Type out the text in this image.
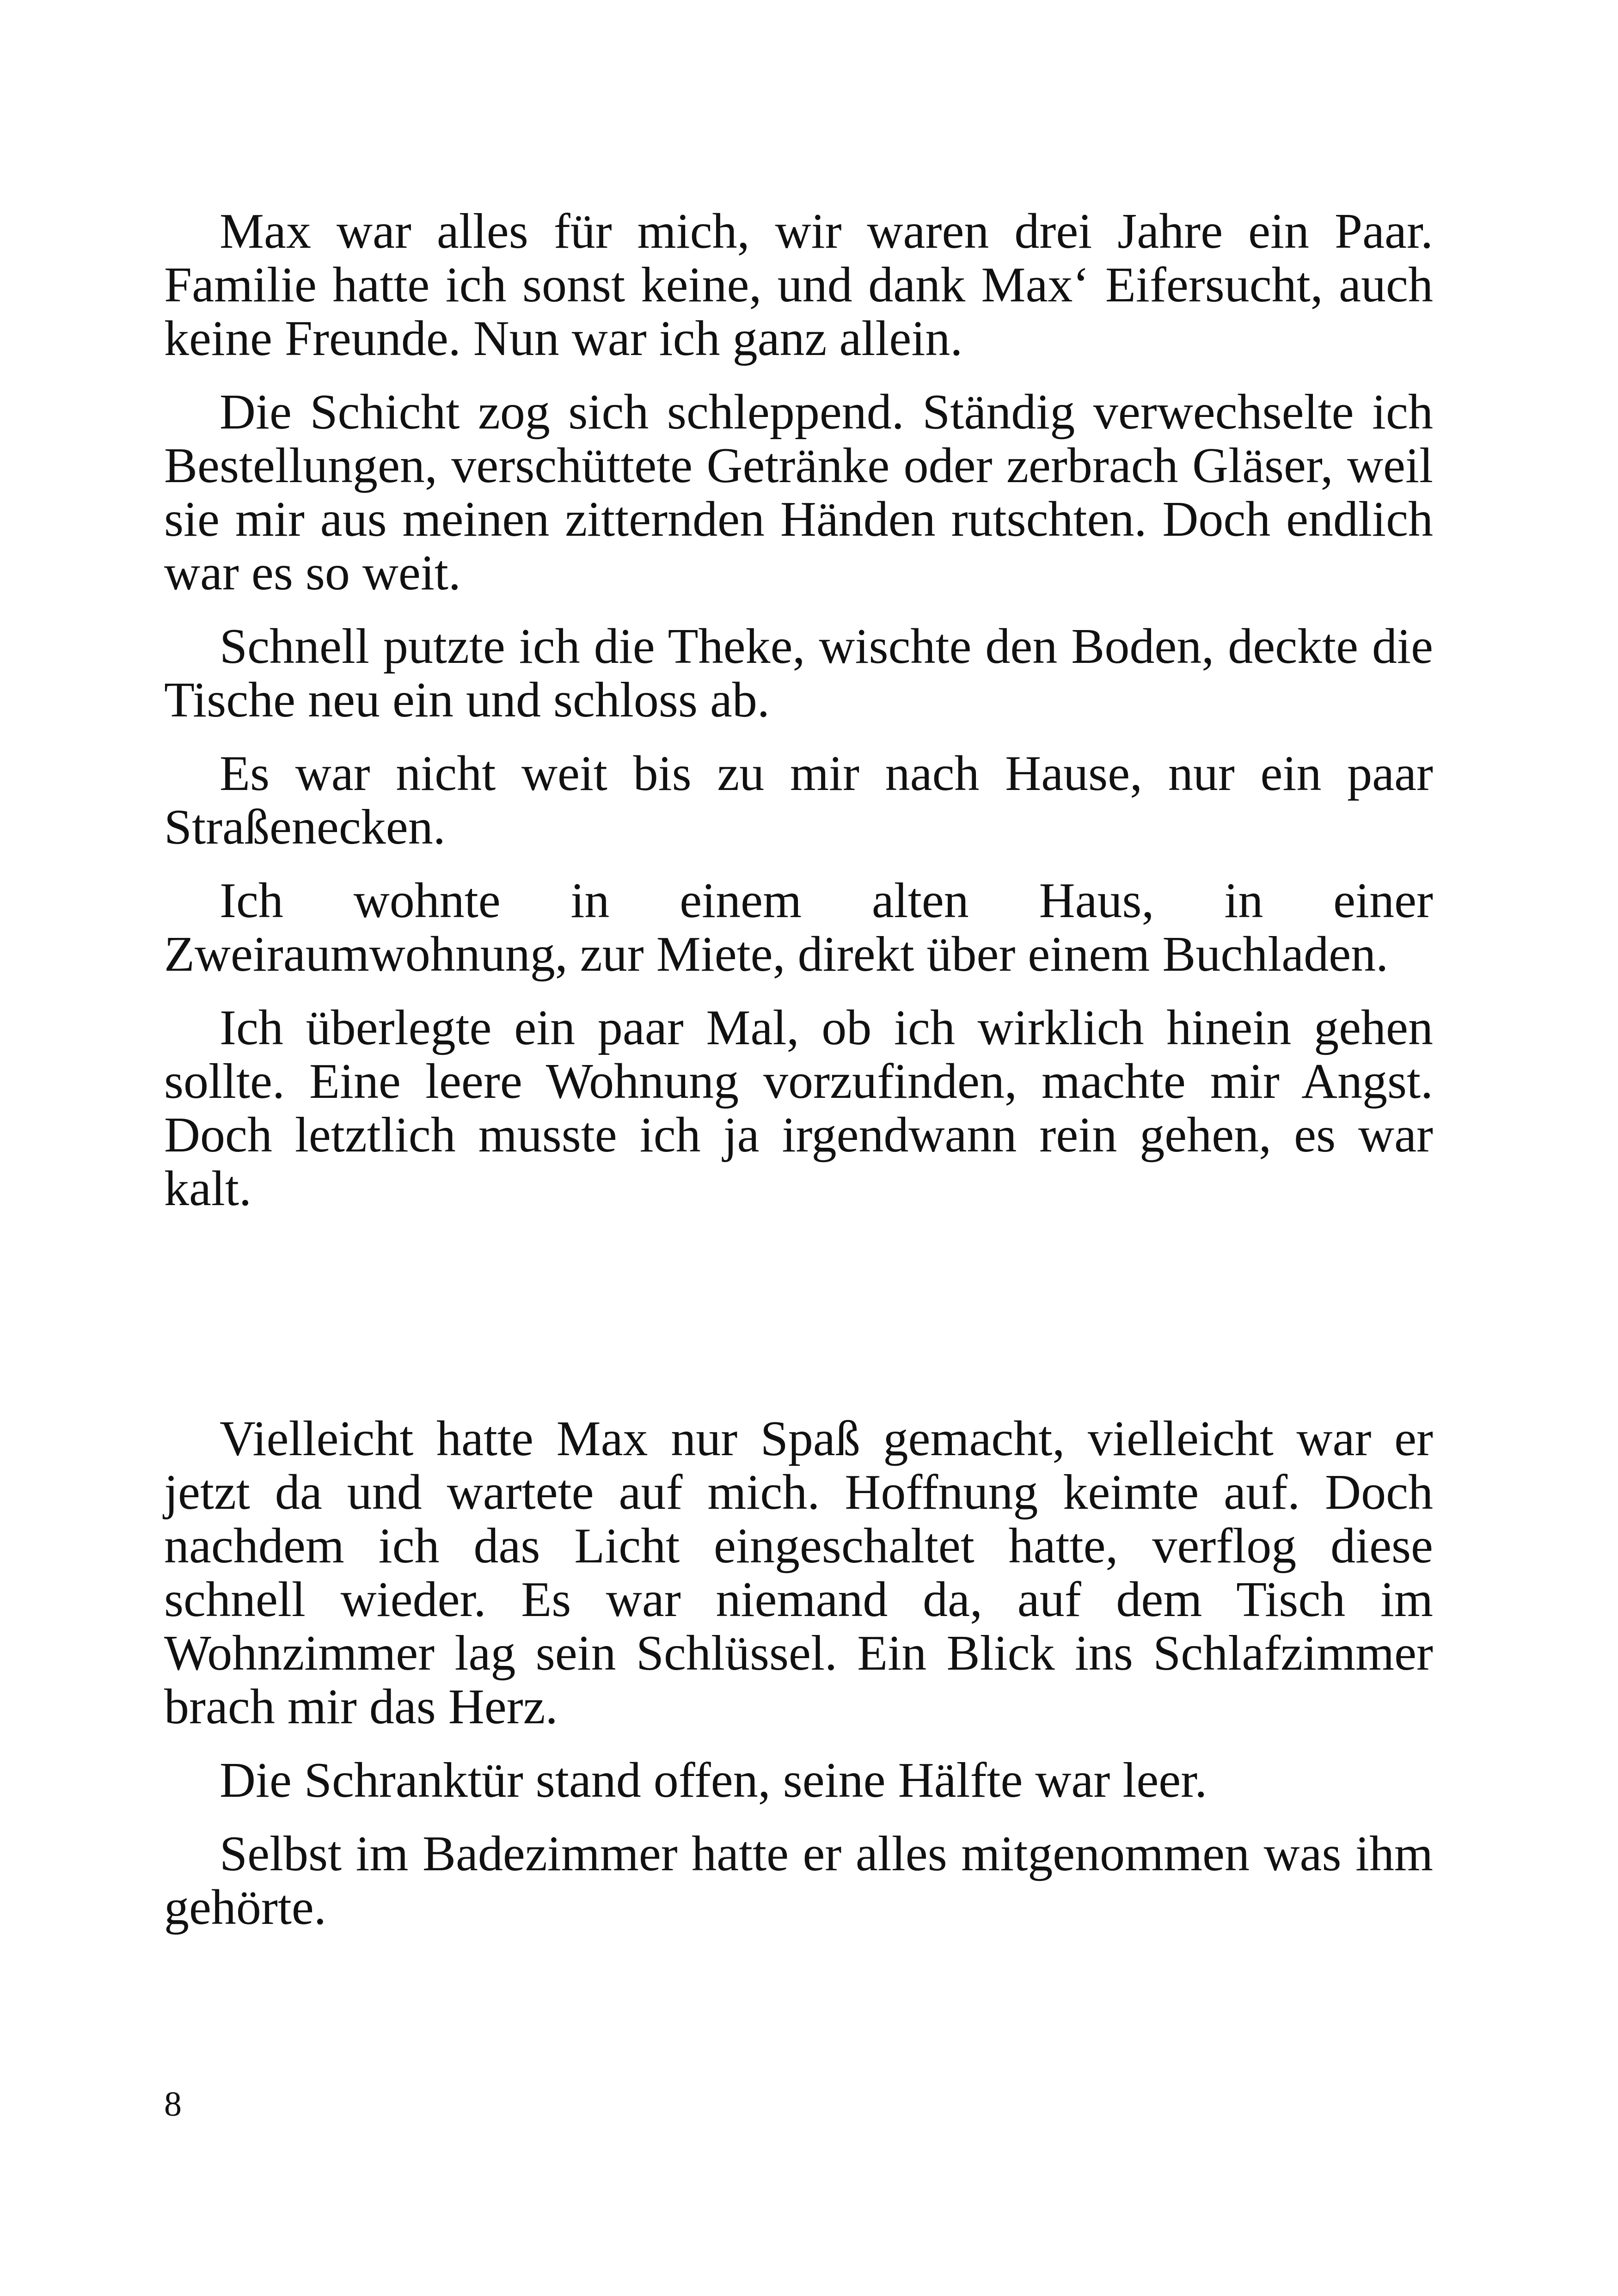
Max war alles für mich, wir waren drei Jahre ein Paar. Familie hatte ich sonst keine, und dank Max‘ Eifersucht, auch keine Freunde. Nun war ich ganz allein.

Die Schicht zog sich schleppend. Ständig verwechselte ich Bestellungen, verschüttete Getränke oder zerbrach Gläser, weil sie mir aus meinen zitternden Händen rutschten. Doch endlich war es so weit.

Schnell putzte ich die Theke, wischte den Boden, deckte die Tische neu ein und schloss ab.

Es war nicht weit bis zu mir nach Hause, nur ein paar Straßenecken.

Ich wohnte in einem alten Haus, in einer Zweiraumwohnung, zur Miete, direkt über einem Buchladen.

Ich überlegte ein paar Mal, ob ich wirklich hinein gehen sollte. Eine leere Wohnung vorzufinden, machte mir Angst. Doch letztlich musste ich ja irgendwann rein gehen, es war kalt.

Vielleicht hatte Max nur Spaß gemacht, vielleicht war er jetzt da und wartete auf mich. Hoffnung keimte auf. Doch nachdem ich das Licht eingeschaltet hatte, verflog diese schnell wieder. Es war niemand da, auf dem Tisch im Wohnzimmer lag sein Schlüssel. Ein Blick ins Schlafzimmer brach mir das Herz.

Die Schranktür stand offen, seine Hälfte war leer.

Selbst im Badezimmer hatte er alles mitgenommen was ihm gehörte.

8
